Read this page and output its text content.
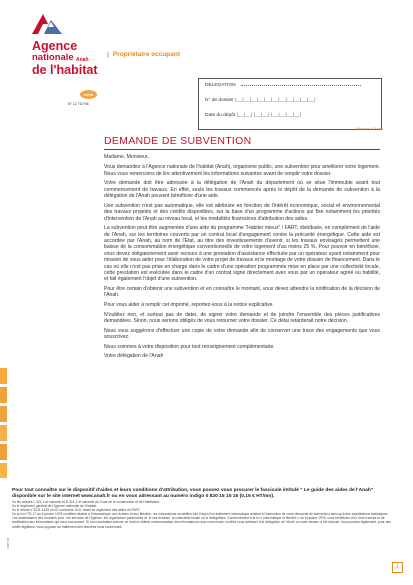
Agence
nationale
de l'habitat
Anah
| Propriétaire occupant
cerfa
N° 12 711*06
DELEGATION
N° de dossier |__|__|__|__|__|__|__|__|__|__|__|
Date du dépôt |__|__| |__|__| |__|__|__|__|
Réservé à l'Anah
DEMANDE DE SUBVENTION

Madame, Monsieur,

Vous demandez à l'Agence nationale de l'habitat (Anah), organisme public, une subvention pour améliorer votre logement. Nous vous remercions de lire attentivement les informations suivantes avant de remplir votre dossier.

Votre demande doit être adressée à la délégation de l'Anah du département où se situe l'immeuble avant tout commencement de travaux. En effet, seuls les travaux commencés après le dépôt de la demande de subvention à la délégation de l'Anah peuvent bénéficier d'une aide.

Une subvention n'est pas automatique, elle est attribuée en fonction de l'intérêt économique, social et environnemental des travaux projetés et des crédits disponibles, sur la base d'un programme d'actions qui fixe notamment les priorités d'intervention de l'Anah au niveau local, et les modalités financières d'attribution des aides.

La subvention peut être augmentée d'une aide du programme "Habiter mieux" / FART, distribuée, en complément de l'aide de l'Anah, sur les territoires couverts par un contrat local d'engagement contre la précarité énergétique. Cette aide est accordée par l'Anah, au nom de l'Etat, au titre des investissements d'avenir, si les travaux envisagés permettent une baisse de la consommation énergétique conventionnelle de votre logement d'au moins 25 %. Pour pouvoir en bénéficier, vous devez obligatoirement avoir recours à une prestation d'assistance effectuée par un opérateur ayant notamment pour mission de vous aider pour l'élaboration de votre projet de travaux et le montage de votre dossier de financement. Dans le cas où elle n'est pas prise en charge dans le cadre d'une opération programmée mise en place par une collectivité locale, cette prestation est exécutée dans le cadre d'un contrat signé directement avec vous par un opérateur agréé ou habilité, et fait également l'objet d'une subvention.

Pour être certain d'obtenir une subvention et en connaître le montant, vous devez attendre la notification de la décision de l'Anah.

Pour vous aider à remplir cet imprimé, reportez-vous à la notice explicative.

N'oubliez rien, et surtout pas de dater, de signer votre demande et de joindre l'ensemble des pièces justificatives demandées. Sinon, nous serions obligés de vous retourner votre dossier. Ce délai retarderait notre décision.

Nous vous suggérons d'effectuer une copie de votre demande afin de conserver une trace des engagements que vous souscrivez.

Nous sommes à votre disposition pour tout renseignement complémentaire.

Votre délégation de l'Anah

Pour tout connaître sur le dispositif d'aides et leurs conditions d'attribution, vous pouvez vous procurer le fascicule intitulé " Le guide des aides de l'Anah" disponible sur le site internet www.anah.fr ou en vous adressant au numéro indigo 0 820 15 15 15 (0,15 € HT/mn).

Vu les articles L.321-1 et suivants et R.321-1 et suivants du Code de la construction et de l'habitation.

Vu le règlement général de l'Agence nationale de l'habitat.

Vu le décret n°2011-1428 du 02 novembre 2011 relatif au règlement des aides du FART.

Vu la loi n°78-17 du 6 janvier 1978 modifiée relative à l'informatique, aux fichiers et aux libertés : les informations recueillies font l'objet d'un traitement informatique destiné à l'instruction de votre demande de subvention ainsi qu'à des exploitations statistiques. Les destinataires des données sont : les services de l'Agence, les organismes partenaires et, le cas échéant, la collectivité locale ou le délégataire. Conformément à la loi « informatique et libertés » du 6 janvier 1978, vous bénéficiez d'un droit d'accès et de rectification aux informations qui vous concernent. Si vous souhaitez exercer ce droit et obtenir communication des informations vous concernant, veuillez vous adresser à la délégation de l'Anah où votre dossier a été déposé. Vous pouvez également, pour des motifs légitimes, vous opposer au traitement des données vous concernant.

NOT 06
1
